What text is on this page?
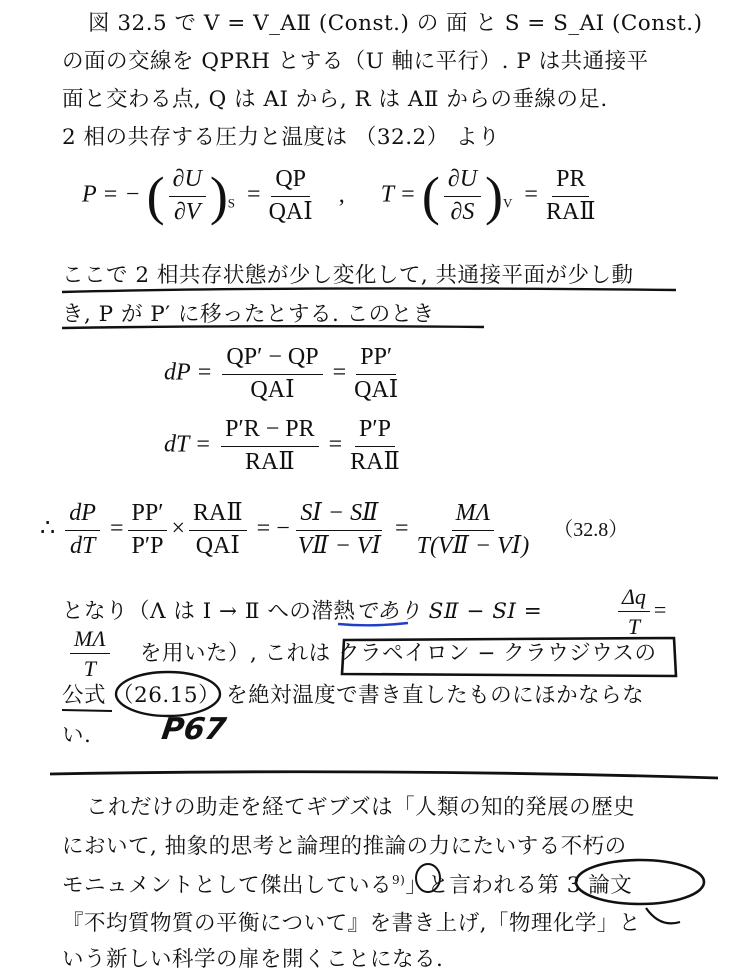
図 32.5 で V = V_AⅡ (Const.) の 面 と S = S_AⅠ (Const.)
の面の交線を QPRH とする（U 軸に平行）. P は共通接平
面と交わる点, Q は AⅠ から, R は AⅡ からの垂線の足.
2 相の共存する圧力と温度は （32.2） より
P = − ( $\frac{\partial U}{\partial V} )_S = \frac{QP}{\text{QAⅠ}}$ , T = ( $\frac{\partial U}{\partial S} )_V = \frac{PR}{\text{RAⅡ}}$
ここで 2 相共存状態が少し変化して, 共通接平面が少し動
き, P が P′ に移ったとする. このとき
dP = $\frac{QP' - QP}{\text{QAⅠ}} = \frac{PP'}{\text{QAⅠ}}$
dT = $\frac{P'R - PR}{\text{RAⅡ}} = \frac{P'P}{\text{RAⅡ}}$
∴ $\frac{dP}{dT} = \frac{PP'}{P'P} \times \frac{\text{RAⅡ}}{\text{QAⅠ}}$ = − $\frac{\text{SⅠ − SⅡ}}{\text{VⅡ − VⅠ}} = \frac{M\Lambda}{\text{T(VⅡ − VⅠ)}} (32.8)$
となり（Λ は Ⅰ → Ⅱ への潜熱であり SⅡ − SⅠ =	$\frac{\Delta q}{T}$ =
$\frac{M\Lambda}{T}$ を用いた）, これは クラペイロン − クラウジウスの
公式 （26.15） を絶対温度で書き直したものにほかならな
い. P67
これだけの助走を経てギブズは「人類の知的発展の歴史
において, 抽象的思考と論理的推論の力にたいする不朽の
モニュメントとして傑出している$^{9)}$」と言われる第 3 論文
『不均質物質の平衡について』を書き上げ,「物理化学」と
いう新しい科学の扉を開くことになる.
